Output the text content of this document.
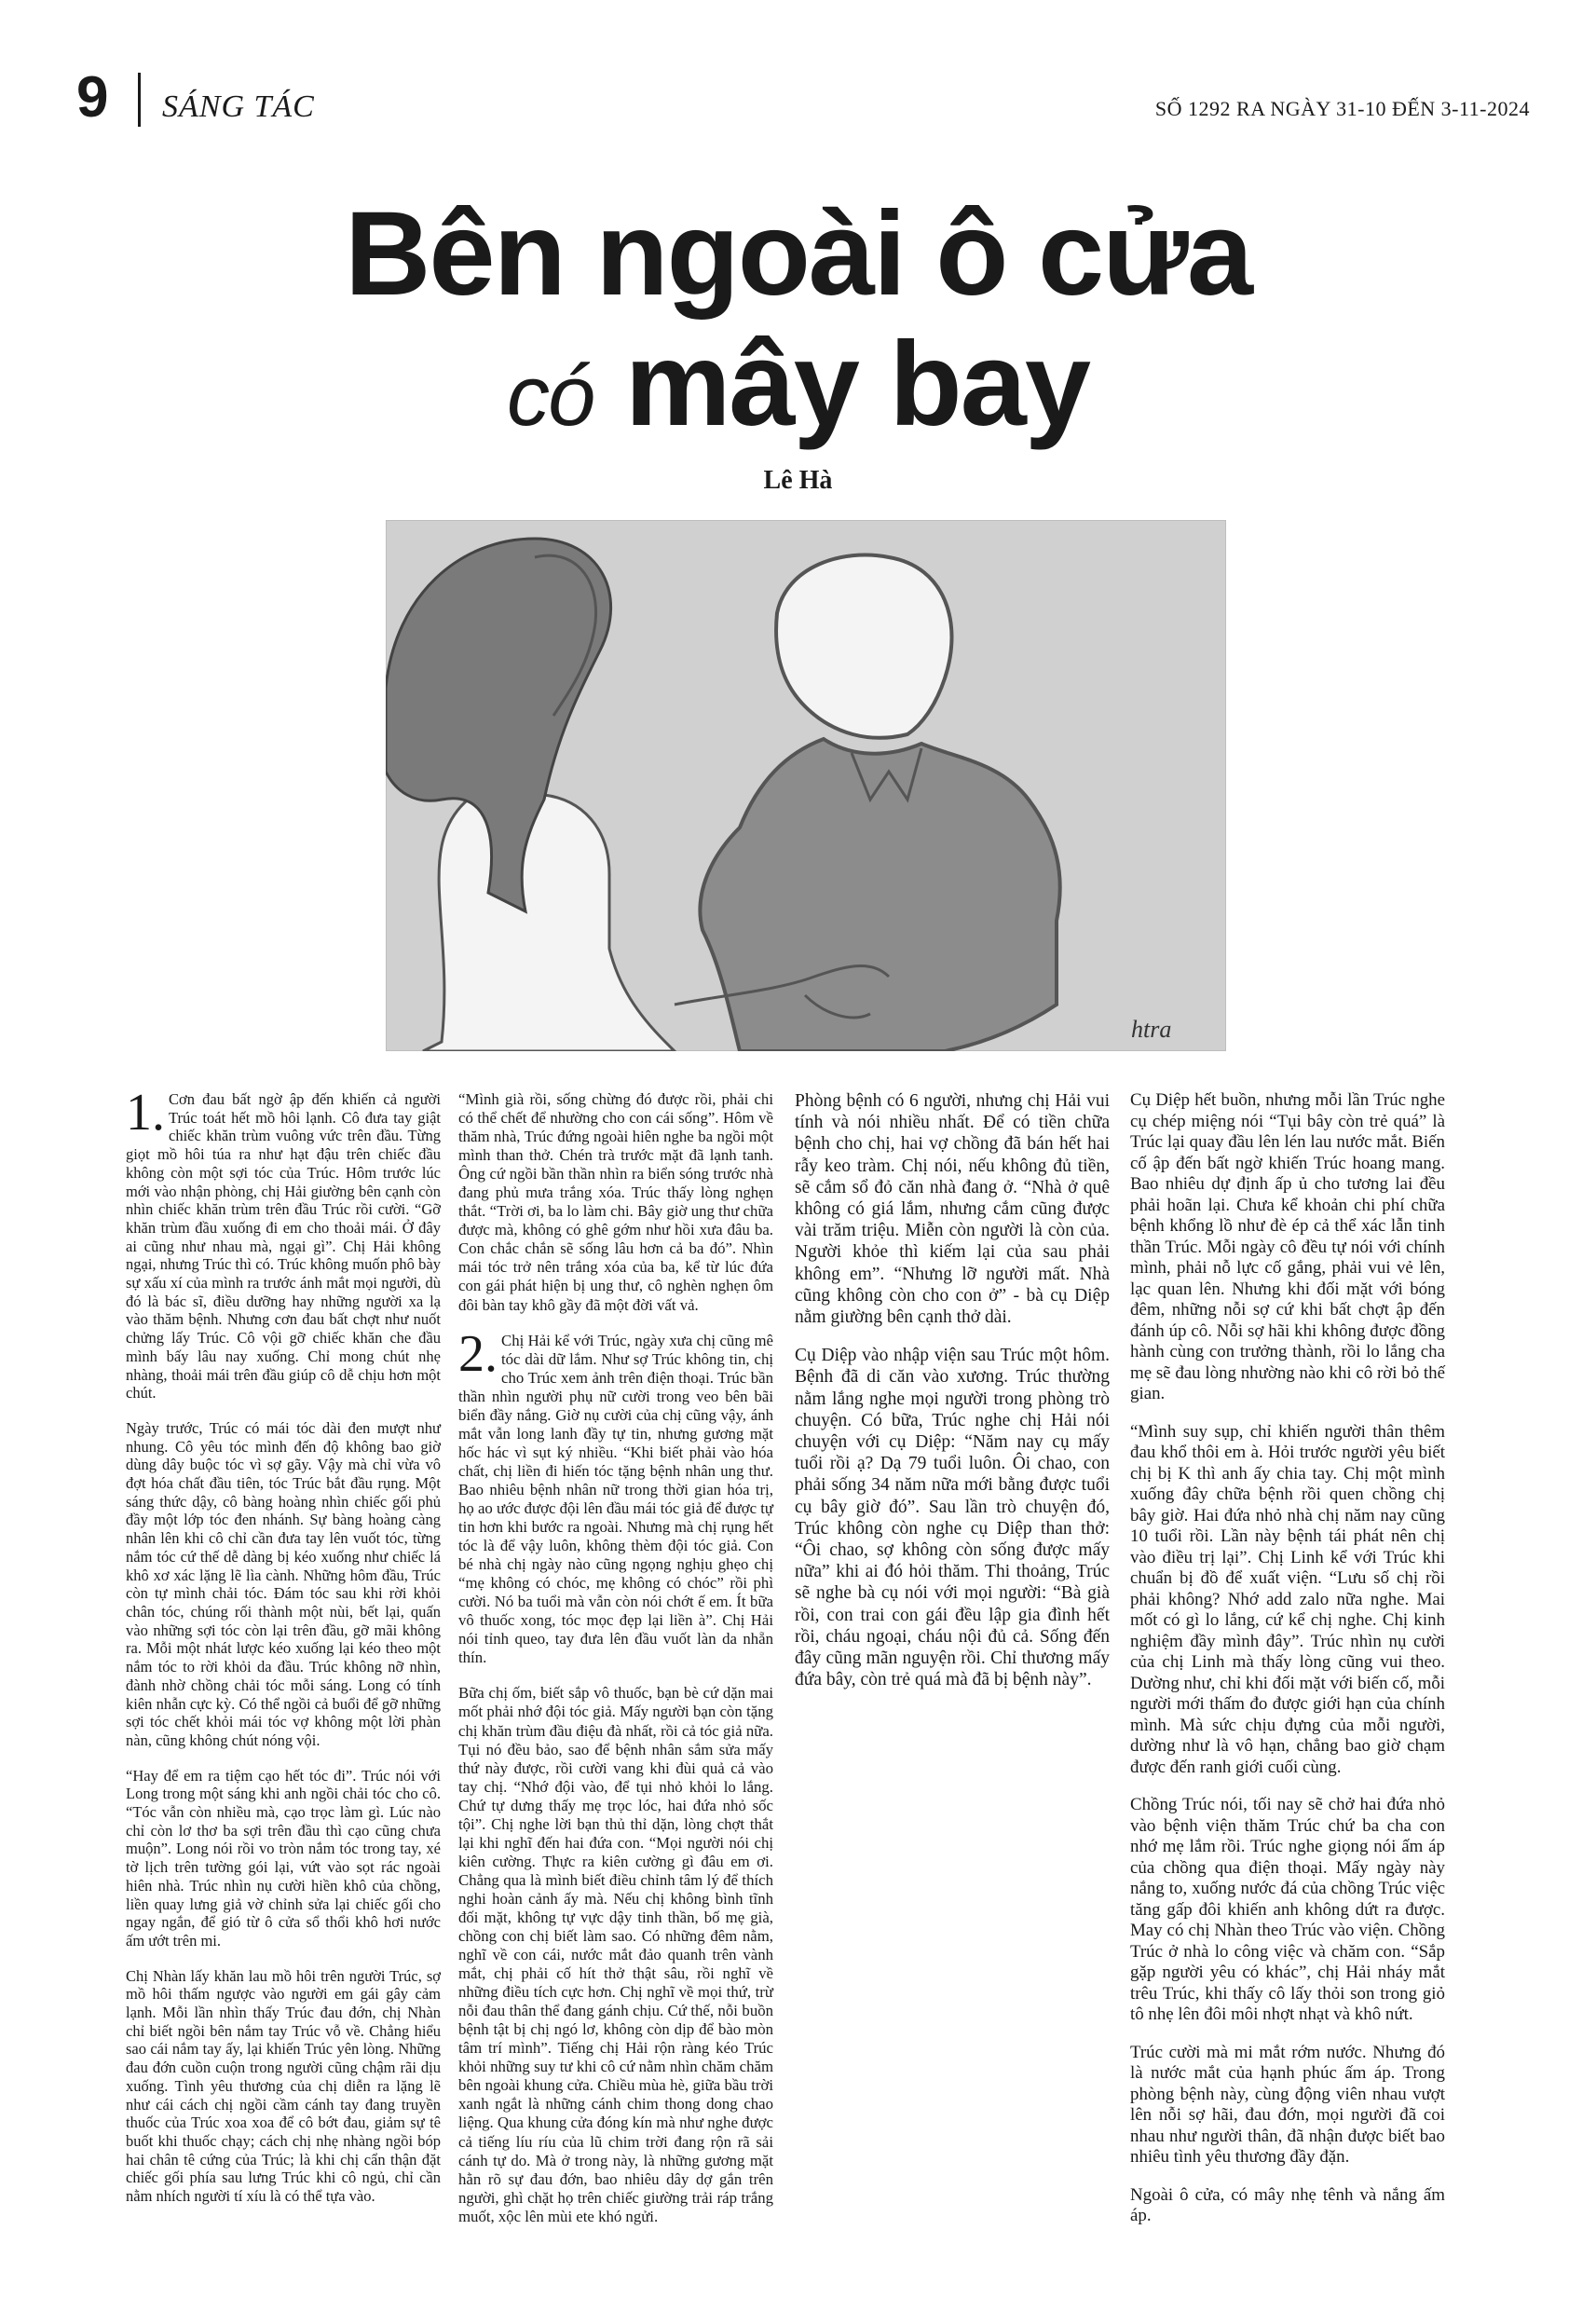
9 SÁNG TÁC	SỐ 1292 RA NGÀY 31-10 ĐẾN 3-11-2024
Bên ngoài ô cửa
có mây bay
Lê Hà
htra

1. Cơn đau bất ngờ ập đến khiến cả người Trúc toát hết mồ hôi lạnh. Cô đưa tay giật chiếc khăn trùm vuông vức trên đầu. Từng giọt mồ hôi túa ra như hạt đậu trên chiếc đầu không còn một sợi tóc của Trúc. Hôm trước lúc mới vào nhận phòng, chị Hải giường bên cạnh còn nhìn chiếc khăn trùm trên đầu Trúc rồi cười. “Gỡ khăn trùm đầu xuống đi em cho thoải mái. Ở đây ai cũng như nhau mà, ngại gì”. Chị Hải không ngại, nhưng Trúc thì có. Trúc không muốn phô bày sự xấu xí của mình ra trước ánh mắt mọi người, dù đó là bác sĩ, điều dưỡng hay những người xa lạ vào thăm bệnh. Nhưng cơn đau bất chợt như nuốt chửng lấy Trúc. Cô vội gỡ chiếc khăn che đầu mình bấy lâu nay xuống. Chỉ mong chút nhẹ nhàng, thoải mái trên đầu giúp cô dễ chịu hơn một chút.

Ngày trước, Trúc có mái tóc dài đen mượt như nhung. Cô yêu tóc mình đến độ không bao giờ dùng dây buộc tóc vì sợ gãy. Vậy mà chỉ vừa vô đợt hóa chất đầu tiên, tóc Trúc bắt đầu rụng. Một sáng thức dậy, cô bàng hoàng nhìn chiếc gối phủ đầy một lớp tóc đen nhánh. Sự bàng hoàng càng nhân lên khi cô chỉ cần đưa tay lên vuốt tóc, từng nắm tóc cứ thế dễ dàng bị kéo xuống như chiếc lá khô xơ xác lặng lẽ lìa cành. Những hôm đầu, Trúc còn tự mình chải tóc. Đám tóc sau khi rời khỏi chân tóc, chúng rối thành một nùi, bết lại, quấn vào những sợi tóc còn lại trên đầu, gỡ mãi không ra. Mỗi một nhát lược kéo xuống lại kéo theo một nắm tóc to rời khỏi da đầu. Trúc không nỡ nhìn, đành nhờ chồng chải tóc mỗi sáng. Long có tính kiên nhẫn cực kỳ. Có thể ngồi cả buổi để gỡ những sợi tóc chết khỏi mái tóc vợ không một lời phàn nàn, cũng không chút nóng vội.

“Hay để em ra tiệm cạo hết tóc đi”. Trúc nói với Long trong một sáng khi anh ngồi chải tóc cho cô. “Tóc vẫn còn nhiều mà, cạo trọc làm gì. Lúc nào chỉ còn lơ thơ ba sợi trên đầu thì cạo cũng chưa muộn”. Long nói rồi vo tròn nắm tóc trong tay, xé tờ lịch trên tường gói lại, vứt vào sọt rác ngoài hiên nhà. Trúc nhìn nụ cười hiền khô của chồng, liền quay lưng giả vờ chỉnh sửa lại chiếc gối cho ngay ngắn, để gió từ ô cửa sổ thổi khô hơi nước ấm ướt trên mi.

Chị Nhàn lấy khăn lau mồ hôi trên người Trúc, sợ mồ hôi thấm ngược vào người em gái gây cảm lạnh. Mỗi lần nhìn thấy Trúc đau đớn, chị Nhàn chỉ biết ngồi bên nắm tay Trúc vỗ về. Chẳng hiểu sao cái nắm tay ấy, lại khiến Trúc yên lòng. Những đau đớn cuồn cuộn trong người cũng chậm rãi dịu xuống. Tình yêu thương của chị diễn ra lặng lẽ như cái cách chị ngồi cầm cánh tay đang truyền thuốc của Trúc xoa xoa để cô bớt đau, giảm sự tê buốt khi thuốc chạy; cách chị nhẹ nhàng ngồi bóp hai chân tê cứng của Trúc; là khi chị cẩn thận đặt chiếc gối phía sau lưng Trúc khi cô ngủ, chỉ cần nằm nhích người tí xíu là có thể tựa vào.

“Mình già rồi, sống chừng đó được rồi, phải chi có thể chết để nhường cho con cái sống”. Hôm về thăm nhà, Trúc đứng ngoài hiên nghe ba ngồi một mình than thở. Chén trà trước mặt đã lạnh tanh. Ông cứ ngồi bần thần nhìn ra biển sóng trước nhà đang phủ mưa trắng xóa. Trúc thấy lòng nghẹn thắt. “Trời ơi, ba lo làm chi. Bây giờ ung thư chữa được mà, không có ghê gớm như hồi xưa đâu ba. Con chắc chắn sẽ sống lâu hơn cả ba đó”. Nhìn mái tóc trở nên trắng xóa của ba, kể từ lúc đứa con gái phát hiện bị ung thư, cô nghèn nghẹn ôm đôi bàn tay khô gầy đã một đời vất vả.

2. Chị Hải kể với Trúc, ngày xưa chị cũng mê tóc dài dữ lắm. Như sợ Trúc không tin, chị cho Trúc xem ảnh trên điện thoại. Trúc bần thần nhìn người phụ nữ cười trong veo bên bãi biển đầy nắng. Giờ nụ cười của chị cũng vậy, ánh mắt vẫn long lanh đầy tự tin, nhưng gương mặt hốc hác vì sụt ký nhiều. “Khi biết phải vào hóa chất, chị liền đi hiến tóc tặng bệnh nhân ung thư. Bao nhiêu bệnh nhân nữ trong thời gian hóa trị, họ ao ước được đội lên đầu mái tóc giả để được tự tin hơn khi bước ra ngoài. Nhưng mà chị rụng hết tóc là để vậy luôn, không thèm đội tóc giả. Con bé nhà chị ngày nào cũng ngọng nghịu ghẹo chị “mẹ không có chóc, mẹ không có chóc” rồi phì cười. Nó ba tuổi mà vẫn còn nói chớt ế em. Ít bữa vô thuốc xong, tóc mọc đẹp lại liền à”. Chị Hải nói tỉnh queo, tay đưa lên đầu vuốt làn da nhẵn thín.

Bữa chị ốm, biết sắp vô thuốc, bạn bè cứ dặn mai mốt phải nhớ đội tóc giả. Mấy người bạn còn tặng chị khăn trùm đầu điệu đà nhất, rồi cả tóc giả nữa. Tụi nó đều bảo, sao để bệnh nhân sắm sửa mấy thứ này được, rồi cười vang khi đùi quả cả vào tay chị. “Nhớ đội vào, để tụi nhỏ khỏi lo lắng. Chứ tự dưng thấy mẹ trọc lóc, hai đứa nhỏ sốc tội”. Chị nghe lời bạn thủ thỉ dặn, lòng chợt thắt lại khi nghĩ đến hai đứa con. “Mọi người nói chị kiên cường. Thực ra kiên cường gì đâu em ơi. Chẳng qua là mình biết điều chỉnh tâm lý để thích nghi hoàn cảnh ấy mà. Nếu chị không bình tĩnh đối mặt, không tự vực dậy tinh thần, bố mẹ già, chồng con chị biết làm sao. Có những đêm nằm, nghĩ về con cái, nước mắt đảo quanh trên vành mắt, chị phải cố hít thở thật sâu, rồi nghĩ về những điều tích cực hơn. Chị nghĩ về mọi thứ, trừ nỗi đau thân thể đang gánh chịu. Cứ thế, nỗi buồn bệnh tật bị chị ngó lơ, không còn dịp để bào mòn tâm trí mình”. Tiếng chị Hải rộn ràng kéo Trúc khỏi những suy tư khi cô cứ nằm nhìn chăm chăm bên ngoài khung cửa. Chiều mùa hè, giữa bầu trời xanh ngắt là những cánh chim thong dong chao liệng. Qua khung cửa đóng kín mà như nghe được cả tiếng líu ríu của lũ chim trời đang rộn rã sải cánh tự do. Mà ở trong này, là những gương mặt hằn rõ sự đau đớn, bao nhiêu dây dợ gắn trên người, ghì chặt họ trên chiếc giường trải ráp trắng muốt, xộc lên mùi ete khó ngửi.

Phòng bệnh có 6 người, nhưng chị Hải vui tính và nói nhiều nhất. Để có tiền chữa bệnh cho chị, hai vợ chồng đã bán hết hai rẫy keo tràm. Chị nói, nếu không đủ tiền, sẽ cắm sổ đỏ căn nhà đang ở. “Nhà ở quê không có giá lắm, nhưng cắm cũng được vài trăm triệu. Miễn còn người là còn của. Người khỏe thì kiếm lại của sau phải không em”. “Nhưng lỡ người mất. Nhà cũng không còn cho con ở” - bà cụ Diệp nằm giường bên cạnh thở dài.

Cụ Diệp vào nhập viện sau Trúc một hôm. Bệnh đã di căn vào xương. Trúc thường nằm lắng nghe mọi người trong phòng trò chuyện. Có bữa, Trúc nghe chị Hải nói chuyện với cụ Diệp: “Năm nay cụ mấy tuổi rồi ạ? Dạ 79 tuổi luôn. Ôi chao, con phải sống 34 năm nữa mới bằng được tuổi cụ bây giờ đó”. Sau lần trò chuyện đó, Trúc không còn nghe cụ Diệp than thở: “Ôi chao, sợ không còn sống được mấy nữa” khi ai đó hỏi thăm. Thi thoảng, Trúc sẽ nghe bà cụ nói với mọi người: “Bà già rồi, con trai con gái đều lập gia đình hết rồi, cháu ngoại, cháu nội đủ cả. Sống đến đây cũng mãn nguyện rồi. Chỉ thương mấy đứa bây, còn trẻ quá mà đã bị bệnh này”.

Cụ Diệp hết buồn, nhưng mỗi lần Trúc nghe cụ chép miệng nói “Tụi bây còn trẻ quá” là Trúc lại quay đầu lên lén lau nước mắt. Biến cố ập đến bất ngờ khiến Trúc hoang mang. Bao nhiêu dự định ấp ủ cho tương lai đều phải hoãn lại. Chưa kể khoản chi phí chữa bệnh khổng lồ như đè ép cả thể xác lẫn tinh thần Trúc. Mỗi ngày cô đều tự nói với chính mình, phải nỗ lực cố gắng, phải vui vẻ lên, lạc quan lên. Nhưng khi đối mặt với bóng đêm, những nỗi sợ cứ khi bất chợt ập đến đánh úp cô. Nỗi sợ hãi khi không được đồng hành cùng con trưởng thành, rồi lo lắng cha mẹ sẽ đau lòng nhường nào khi cô rời bỏ thế gian.

“Mình suy sụp, chỉ khiến người thân thêm đau khổ thôi em à. Hỏi trước người yêu biết chị bị K thì anh ấy chia tay. Chị một mình xuống đây chữa bệnh rồi quen chồng chị bây giờ. Hai đứa nhỏ nhà chị năm nay cũng 10 tuổi rồi. Lần này bệnh tái phát nên chị vào điều trị lại”. Chị Linh kể với Trúc khi chuẩn bị đồ để xuất viện. “Lưu số chị rồi phải không? Nhớ add zalo nữa nghe. Mai mốt có gì lo lắng, cứ kể chị nghe. Chị kinh nghiệm đầy mình đây”. Trúc nhìn nụ cười của chị Linh mà thấy lòng cũng vui theo. Dường như, chỉ khi đối mặt với biến cố, mỗi người mới thấm đo được giới hạn của chính mình. Mà sức chịu đựng của mỗi người, dường như là vô hạn, chẳng bao giờ chạm được đến ranh giới cuối cùng.

Chồng Trúc nói, tối nay sẽ chở hai đứa nhỏ vào bệnh viện thăm Trúc chứ ba cha con nhớ mẹ lắm rồi. Trúc nghe giọng nói ấm áp của chồng qua điện thoại. Mấy ngày này nắng to, xuống nước đá của chồng Trúc việc tăng gấp đôi khiến anh không dứt ra được. May có chị Nhàn theo Trúc vào viện. Chồng Trúc ở nhà lo công việc và chăm con. “Sắp gặp người yêu có khác”, chị Hải nháy mắt trêu Trúc, khi thấy cô lấy thỏi son trong giỏ tô nhẹ lên đôi môi nhợt nhạt và khô nứt.

Trúc cười mà mi mắt rớm nước. Nhưng đó là nước mắt của hạnh phúc ấm áp. Trong phòng bệnh này, cùng động viên nhau vượt lên nỗi sợ hãi, đau đớn, mọi người đã coi nhau như người thân, đã nhận được biết bao nhiêu tình yêu thương đầy đặn.

Ngoài ô cửa, có mây nhẹ tênh và nắng ấm áp.
